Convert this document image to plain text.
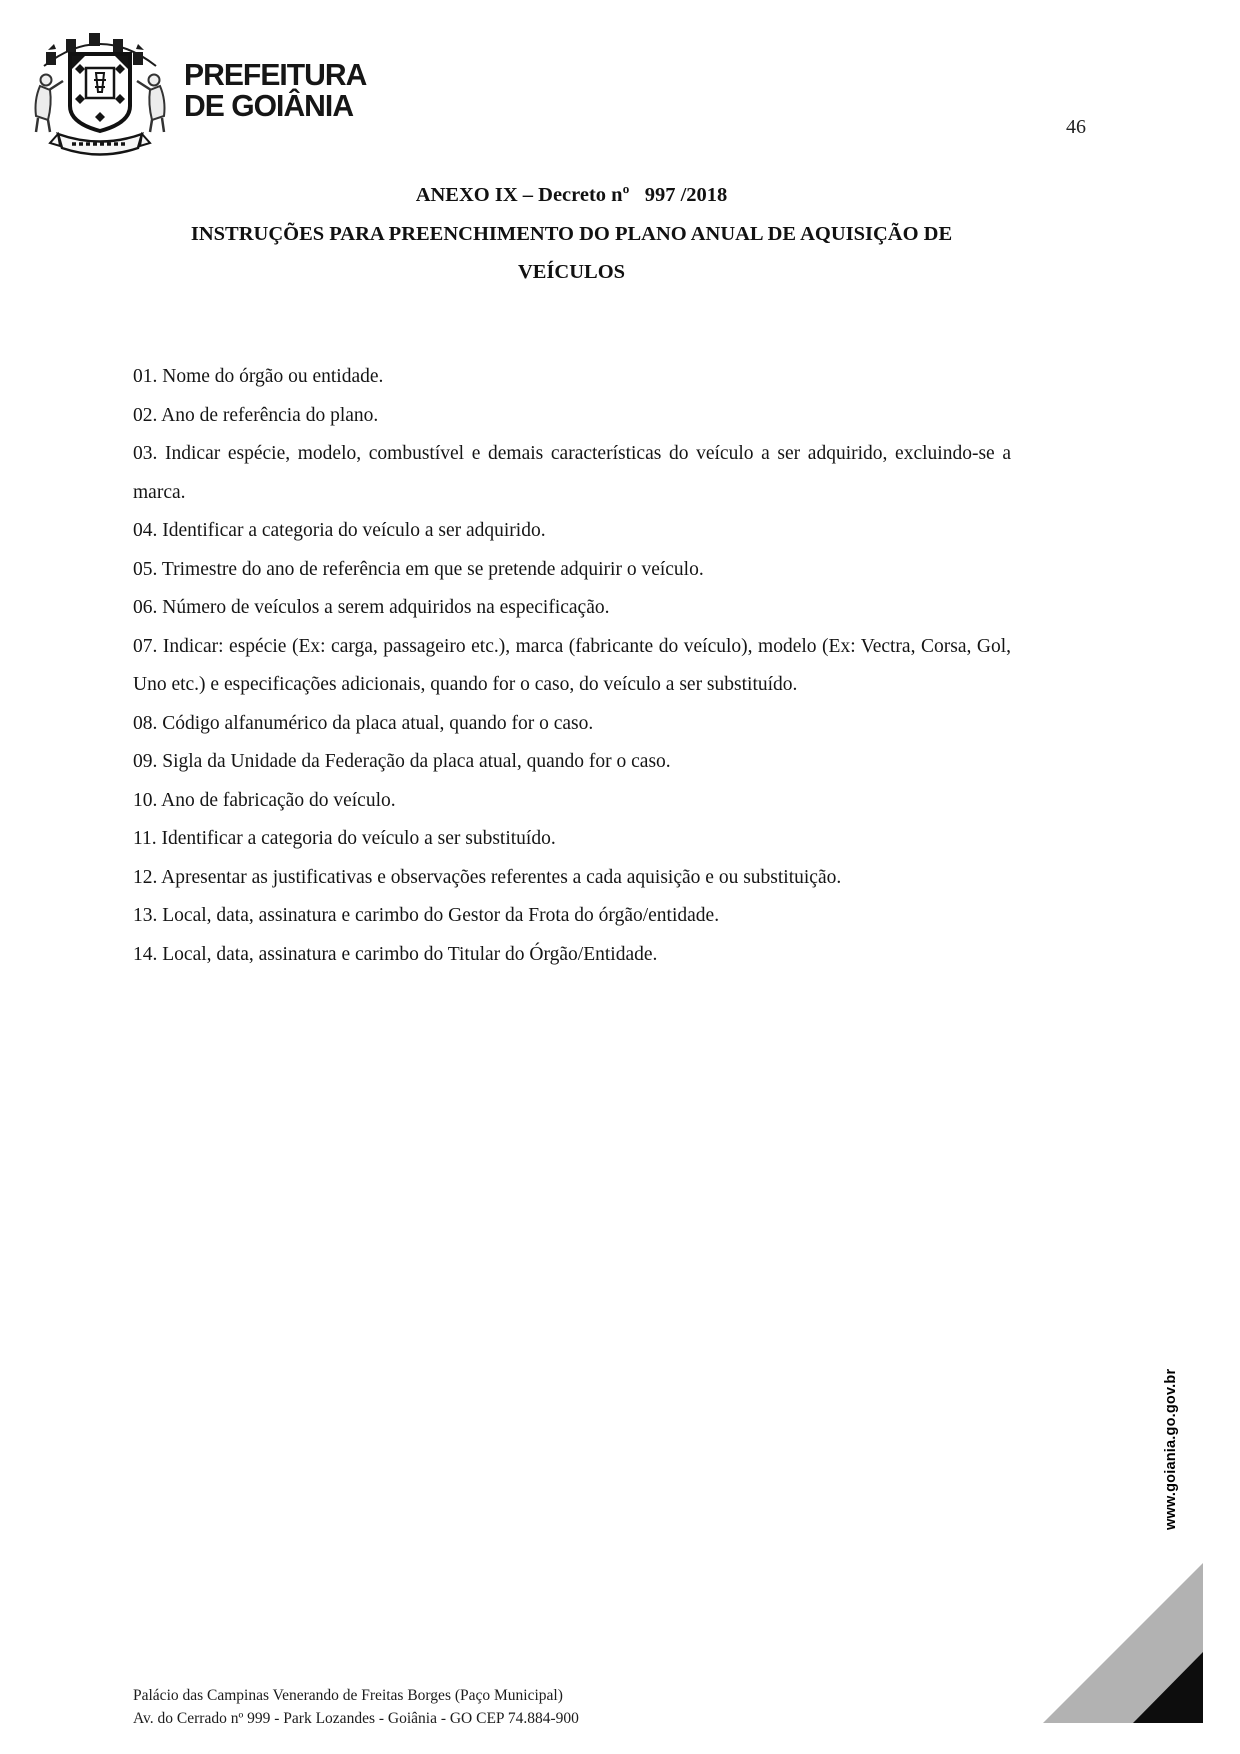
PREFEITURA
DE GOIÂNIA
46
ANEXO IX – Decreto nº   997 /2018
INSTRUÇÕES PARA PREENCHIMENTO DO PLANO ANUAL DE AQUISIÇÃO DE
VEÍCULOS
01. Nome do órgão ou entidade.
02. Ano de referência do plano.
03. Indicar espécie, modelo, combustível e demais características do veículo a ser adquirido, excluindo-se a marca.
04. Identificar a categoria do veículo a ser adquirido.
05. Trimestre do ano de referência em que se pretende adquirir o veículo.
06. Número de veículos a serem adquiridos na especificação.
07. Indicar: espécie (Ex: carga, passageiro etc.), marca (fabricante do veículo), modelo (Ex: Vectra, Corsa, Gol, Uno etc.) e especificações adicionais, quando for o caso, do veículo a ser substituído.
08. Código alfanumérico da placa atual, quando for o caso.
09. Sigla da Unidade da Federação da placa atual, quando for o caso.
10. Ano de fabricação do veículo.
11. Identificar a categoria do veículo a ser substituído.
12. Apresentar as justificativas e observações referentes a cada aquisição e ou substituição.
13. Local, data, assinatura e carimbo do Gestor da Frota do órgão/entidade.
14. Local, data, assinatura e carimbo do Titular do Órgão/Entidade.
Palácio das Campinas Venerando de Freitas Borges (Paço Municipal)
Av. do Cerrado nº 999 - Park Lozandes - Goiânia - GO CEP 74.884-900
www.goiania.go.gov.br
